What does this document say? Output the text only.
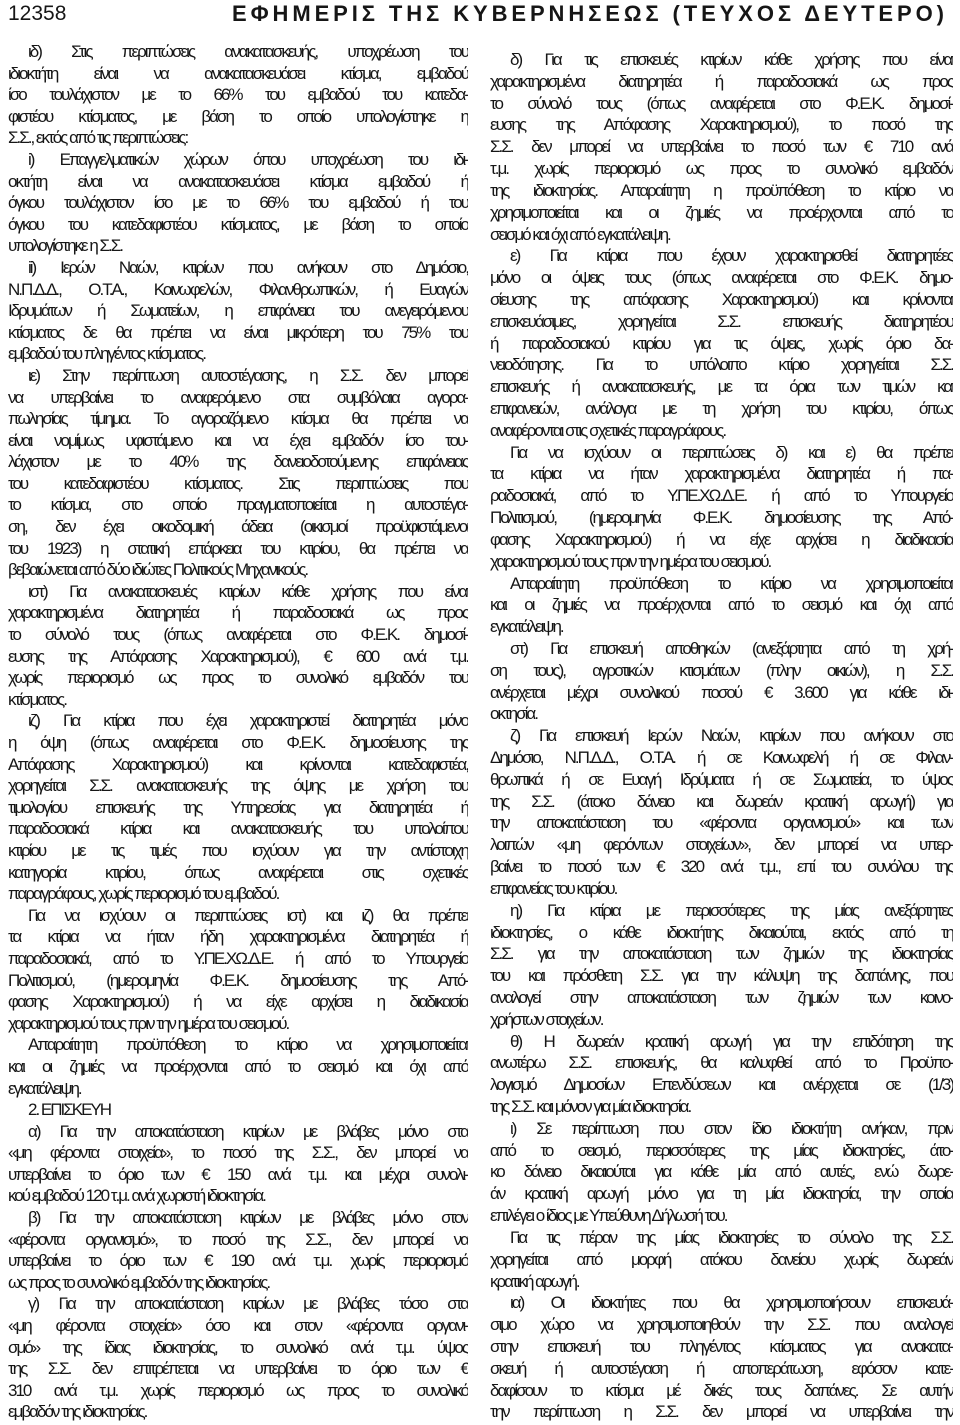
12358	ΕΦΗΜΕΡΙΣ ΤΗΣ ΚΥΒΕΡΝΗΣΕΩΣ (ΤΕΥΧΟΣ ΔΕΥΤΕΡΟ)
ιδ) Στις περιπτώσεις ανακατασκευής, υποχρέωση του
ιδιοκτήτη είναι να ανακατασκευάσει κτίσμα, εμβαδού
ίσο τουλάχιστον με το 66% του εμβαδού του κατεδα-
φιστέου κτίσματος, με βάση το οποίο υπολογίστηκε η
Σ.Σ., εκτός από τις περιπτώσεις:
i) Επαγγελματικών χώρων όπου υποχρέωση του ιδι-
οκτήτη είναι να ανακατασκευάσει κτίσμα εμβαδού ή
όγκου τουλάχιστον ίσο με το 66% του εμβαδού ή του
όγκου του κατεδαφιστέου κτίσματος, με βάση το οποίο
υπολογίστηκε η Σ.Σ.
ii) Ιερών Ναών, κτιρίων που ανήκουν στο Δημόσιο,
Ν.Π.Δ.Δ., Ο.Τ.Α., Κοινωφελών, Φιλανθρωπικών, ή Ευαγών
Ιδρυμάτων ή Σωματείων, η επιφάνεια του ανεγειρόμενου
κτίσματος δε θα πρέπει να είναι μικρότερη του 75% του
εμβαδού του πληγέντος κτίσματος.
ιε) Στην περίπτωση αυτοστέγασης, η Σ.Σ. δεν μπορεί
να υπερβαίνει το αναφερόμενο στα συμβόλαια αγορα-
πωλησίας τίμημα. Το αγοραζόμενο κτίσμα θα πρέπει να
είναι νομίμως υφιστάμενο και να έχει εμβαδόν ίσο του-
λάχιστον με το 40% της δανειοδοτούμενης επιφάνειας
του κατεδαφιστέου κτίσματος. Στις περιπτώσεις που
το κτίσμα, στο οποίο πραγματοποιείται η αυτοστέγα-
ση, δεν έχει οικοδομική άδεια (οικισμοί προϋφιστάμενοι
του 1923) η στατική επάρκεια του κτιρίου, θα πρέπει να
βεβαιώνεται από δύο ιδιώτες Πολιτικούς Μηχανικούς.
ιστ) Για ανακατασκευές κτιρίων κάθε χρήσης που είναι
χαρακτηρισμένα διατηρητέα ή παραδοσιακά ως προς
το σύνολό τους (όπως αναφέρεται στο Φ.Ε.Κ. δημοσί-
ευσης της Απόφασης Χαρακτηρισμού), € 600 ανά τ.μ.
χωρίς περιορισμό ως προς το συνολικό εμβαδόν του
κτίσματος.
ιζ) Για κτίρια που έχει χαρακτηριστεί διατηρητέα μόνο
η όψη (όπως αναφέρεται στο Φ.Ε.Κ. δημοσίευσης της
Απόφασης Χαρακτηρισμού) και κρίνονται κατεδαφιστέα,
χορηγείται Σ.Σ. ανακατασκευής της όψης με χρήση του
τιμολογίου επισκευής της Υπηρεσίας για διατηρητέα ή
παραδοσιακά κτίρια και ανακατασκευής του υπολοίπου
κτιρίου με τις τιμές που ισχύουν για την αντίστοιχη
κατηγορία κτιρίου, όπως αναφέρεται στις σχετικές
παραγράφους, χωρίς περιορισμό του εμβαδού.
Για να ισχύουν οι περιπτώσεις ιστ) και ιζ) θα πρέπει
τα κτίρια να ήταν ήδη χαρακτηρισμένα διατηρητέα ή
παραδοσιακά, από το Υ.ΠΕ.ΧΩ.Δ.Ε. ή από το Υπουργείο
Πολιτισμού, (ημερομηνία Φ.Ε.Κ. δημοσίευσης της Από-
φασης Χαρακτηρισμού) ή να είχε αρχίσει η διαδικασία
χαρακτηρισμού τους πριν την ημέρα του σεισμού.
Απαραίτητη προϋπόθεση το κτίριο να χρησιμοποιείται
και οι ζημιές να προέρχονται από το σεισμό και όχι από
εγκατάλειψη.
2. ΕΠΙΣΚΕΥΗ
α) Για την αποκατάσταση κτιρίων με βλάβες μόνο στα
«μη φέροντα στοιχεία», το ποσό της Σ.Σ., δεν μπορεί να
υπερβαίνει το όριο των € 150 ανά τ.μ. και μέχρι συνολι-
κού εμβαδού 120 τ.μ. ανά χωριστή ιδιοκτησία.
β) Για την αποκατάσταση κτιρίων με βλάβες μόνο στον
«φέροντα οργανισμό», το ποσό της Σ.Σ., δεν μπορεί να
υπερβαίνει το όριο των € 190 ανά τ.μ. χωρίς περιορισμό
ως προς το συνολικό εμβαδόν της ιδιοκτησίας.
γ) Για την αποκατάσταση κτιρίων με βλάβες τόσο στα
«μη φέροντα στοιχεία» όσο και στον «φέροντα οργανι-
σμό» της ίδιας ιδιοκτησίας, το συνολικό ανά τ.μ. ύψος
της Σ.Σ. δεν επιτρέπεται να υπερβαίνει το όριο των €
310 ανά τ.μ. χωρίς περιορισμό ως προς το συνολικό
εμβαδόν της ιδιοκτησίας.
δ) Για τις επισκευές κτιρίων κάθε χρήσης που είναι
χαρακτηρισμένα διατηρητέα ή παραδοσιακά ως προς
το σύνολό τους (όπως αναφέρεται στο Φ.Ε.Κ. δημοσί-
ευσης της Απόφασης Χαρακτηρισμού), το ποσό της
Σ.Σ. δεν μπορεί να υπερβαίνει το ποσό των € 710 ανά
τ.μ. χωρίς περιορισμό ως προς το συνολικό εμβαδόν
της ιδιοκτησίας. Απαραίτητη η προϋπόθεση το κτίριο να
χρησιμοποιείται και οι ζημιές να προέρχονται από το
σεισμό και όχι από εγκατάλειψη.
ε) Για κτίρια που έχουν χαρακτηρισθεί διατηρητέες
μόνο οι όψεις τους (όπως αναφέρεται στο Φ.Ε.Κ. δημο-
σίευσης της απόφασης Χαρακτηρισμού) και κρίνονται
επισκευάσιμες, χορηγείται Σ.Σ. επισκευής διατηρητέου
ή παραδοσιακού κτιρίου για τις όψεις, χωρίς όριο δα-
νειοδότησης. Για το υπόλοιπο κτίριο χορηγείται Σ.Σ.
επισκευής ή ανακατασκευής, με τα όρια των τιμών και
επιφανειών, ανάλογα με τη χρήση του κτιρίου, όπως
αναφέρονται στις σχετικές παραγράφους.
Για να ισχύουν οι περιπτώσεις δ) και ε) θα πρέπει
τα κτίρια να ήταν χαρακτηρισμένα διατηρητέα ή πα-
ραδοσιακά, από το Υ.ΠΕ.ΧΩ.Δ.Ε. ή από το Υπουργείο
Πολιτισμού, (ημερομηνία Φ.Ε.Κ. δημοσίευσης της Από-
φασης Χαρακτηρισμού) ή να είχε αρχίσει η διαδικασία
χαρακτηρισμού τους πριν την ημέρα του σεισμού.
Απαραίτητη προϋπόθεση το κτίριο να χρησιμοποιείται
και οι ζημιές να προέρχονται από το σεισμό και όχι από
εγκατάλειψη.
στ) Για επισκευή αποθηκών (ανεξάρτητα από τη χρή-
ση τους), αγροτικών κτισμάτων (πλην οικιών), η Σ.Σ.
ανέρχεται μέχρι συνολικού ποσού € 3.600 για κάθε ιδι-
οκτησία.
ζ) Για επισκευή Ιερών Ναών, κτιρίων που ανήκουν στο
Δημόσιο, Ν.Π.Δ.Δ., Ο.Τ.Α. ή σε Κοινωφελή ή σε Φιλαν-
θρωπικά ή σε Ευαγή Ιδρύματα ή σε Σωματεία, το ύψος
της Σ.Σ. (άτοκο δάνειο και δωρεάν κρατική αρωγή) για
την αποκατάσταση του «φέροντα οργανισμού» και των
λοιπών «μη φερόντων στοιχείων», δεν μπορεί να υπερ-
βαίνει το ποσό των € 320 ανά τ.μ., επί του συνόλου της
επιφανείας του κτιρίου.
η) Για κτίρια με περισσότερες της μίας ανεξάρτητες
ιδιοκτησίες, ο κάθε ιδιοκτήτης δικαιούται, εκτός από τη
Σ.Σ. για την αποκατάσταση των ζημιών της ιδιοκτησίας
του και πρόσθετη Σ.Σ. για την κάλυψη της δαπάνης, που
αναλογεί στην αποκατάσταση των ζημιών των κοινο-
χρήστων στοιχείων.
θ) Η δωρεάν κρατική αρωγή για την επιδότηση της
ανωτέρω Σ.Σ. επισκευής, θα καλυφθεί από το Προϋπο-
λογισμό Δημοσίων Επενδύσεων και ανέρχεται σε (1/3)
της Σ.Σ. και μόνον για μία ιδιοκτησία.
ι) Σε περίπτωση που στον ίδιο ιδιοκτήτη ανήκαν, πριν
από το σεισμό, περισσότερες της μίας ιδιοκτησίες, άτο-
κο δάνειο δικαιούται για κάθε μία από αυτές, ενώ δωρε-
άν κρατική αρωγή μόνο για τη μία ιδιοκτησία, την οποία
επιλέγει ο ίδιος με Υπεύθυνη Δήλωσή του.
Για τις πέραν της μίας ιδιοκτησίες το σύνολο της Σ.Σ.
χορηγείται από μορφή ατόκου δανείου χωρίς δωρεάν
κρατική αρωγή.
ια) Οι ιδιοκτήτες που θα χρησιμοποιήσουν επισκευά-
σιμο χώρο να χρησιμοποιηθούν την Σ.Σ. που αναλογεί
στην επισκευή του πληγέντος κτίσματος για ανακατα-
σκευή ή αυτοστέγαση ή αποπεράτωση, εφόσον κατε-
δαφίσουν το κτίσμα μέ δικές τους δαπάνες. Σε αυτήν
την περίπτωση η Σ.Σ. δεν μπορεί να υπερβαίνει την
